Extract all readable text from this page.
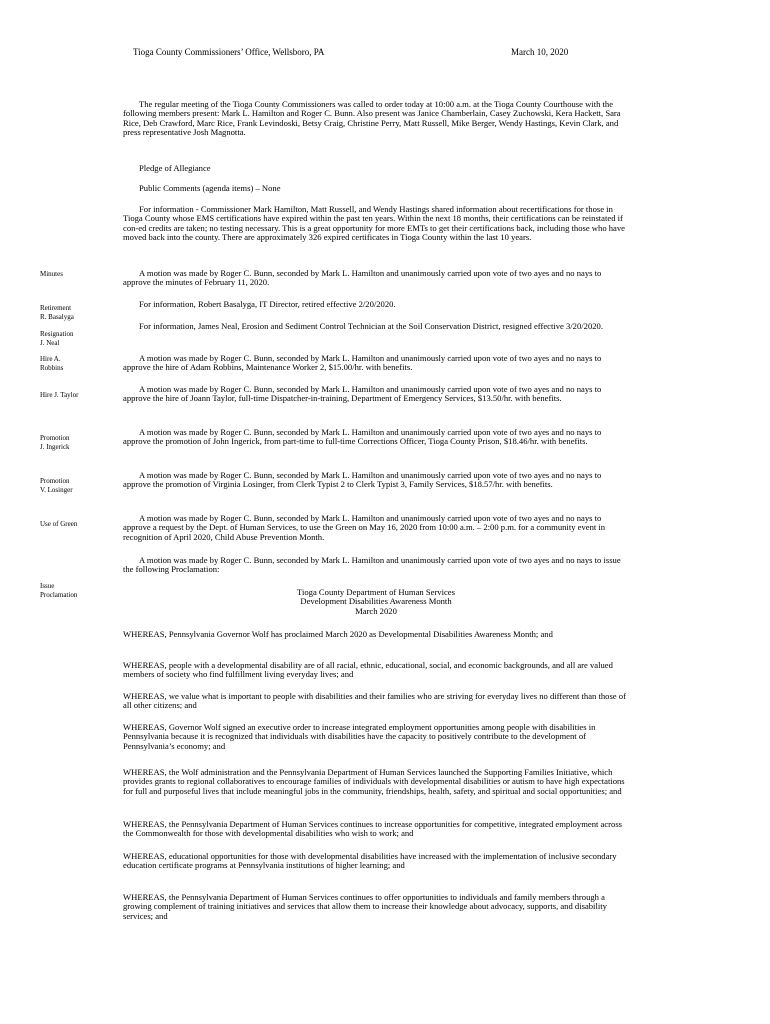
Tioga County Commissioners’ Office, Wellsboro, PA	March 10, 2020

The regular meeting of the Tioga County Commissioners was called to order today at 10:00 a.m. at the Tioga County Courthouse with the following members present: Mark L. Hamilton and Roger C. Bunn. Also present was Janice Chamberlain, Casey Zuchowski, Kera Hackett, Sara Rice, Deb Crawford, Marc Rice, Frank Levindoski, Betsy Craig, Christine Perry, Matt Russell, Mike Berger, Wendy Hastings, Kevin Clark, and press representative Josh Magnotta.

Pledge of Allegiance

Public Comments (agenda items) – None

For information - Commissioner Mark Hamilton, Matt Russell, and Wendy Hastings shared information about recertifications for those in Tioga County whose EMS certifications have expired within the past ten years. Within the next 18 months, their certifications can be reinstated if con-ed credits are taken; no testing necessary. This is a great opportunity for more EMTs to get their certifications back, including those who have moved back into the county. There are approximately 326 expired certificates in Tioga County within the last 10 years.

Minutes	A motion was made by Roger C. Bunn, seconded by Mark L. Hamilton and unanimously carried upon vote of two ayes and no nays to approve the minutes of February 11, 2020.

Retirement
R. Basalyga

For information, Robert Basalyga, IT Director, retired effective 2/20/2020.

Resignation
J. Neal

For information, James Neal, Erosion and Sediment Control Technician at the Soil Conservation District, resigned effective 3/20/2020.

Hire A.
Robbins

A motion was made by Roger C. Bunn, seconded by Mark L. Hamilton and unanimously carried upon vote of two ayes and no nays to approve the hire of Adam Robbins, Maintenance Worker 2, $15.00/hr. with benefits.

Hire J. Taylor

A motion was made by Roger C. Bunn, seconded by Mark L. Hamilton and unanimously carried upon vote of two ayes and no nays to approve the hire of Joann Taylor, full-time Dispatcher-in-training, Department of Emergency Services, $13.50/hr. with benefits.

Promotion
J. Ingerick

A motion was made by Roger C. Bunn, seconded by Mark L. Hamilton and unanimously carried upon vote of two ayes and no nays to approve the promotion of John Ingerick, from part-time to full-time Corrections Officer, Tioga County Prison, $18.46/hr. with benefits.

Promotion
V. Losinger

A motion was made by Roger C. Bunn, seconded by Mark L. Hamilton and unanimously carried upon vote of two ayes and no nays to approve the promotion of Virginia Losinger, from Clerk Typist 2 to Clerk Typist 3, Family Services, $18.57/hr. with benefits.

Use of Green

A motion was made by Roger C. Bunn, seconded by Mark L. Hamilton and unanimously carried upon vote of two ayes and no nays to approve a request by the Dept. of Human Services, to use the Green on May 16, 2020 from 10:00 a.m. – 2:00 p.m. for a community event in recognition of April 2020, Child Abuse Prevention Month.

A motion was made by Roger C. Bunn, seconded by Mark L. Hamilton and unanimously carried upon vote of two ayes and no nays to issue the following Proclamation:

Issue
Proclamation	Tioga County Department of Human Services
Development Disabilities Awareness Month
March 2020

WHEREAS, Pennsylvania Governor Wolf has proclaimed March 2020 as Developmental Disabilities Awareness Month; and

WHEREAS, people with a developmental disability are of all racial, ethnic, educational, social, and economic backgrounds, and all are valued members of society who find fulfillment living everyday lives; and

WHEREAS, we value what is important to people with disabilities and their families who are striving for everyday lives no different than those of all other citizens; and

WHEREAS, Governor Wolf signed an executive order to increase integrated employment opportunities among people with disabilities in Pennsylvania because it is recognized that individuals with disabilities have the capacity to positively contribute to the development of Pennsylvania’s economy; and

WHEREAS, the Wolf administration and the Pennsylvania Department of Human Services launched the Supporting Families Initiative, which provides grants to regional collaboratives to encourage families of individuals with developmental disabilities or autism to have high expectations for full and purposeful lives that include meaningful jobs in the community, friendships, health, safety, and spiritual and social opportunities; and

WHEREAS, the Pennsylvania Department of Human Services continues to increase opportunities for competitive, integrated employment across the Commonwealth for those with developmental disabilities who wish to work; and

WHEREAS, educational opportunities for those with developmental disabilities have increased with the implementation of inclusive secondary education certificate programs at Pennsylvania institutions of higher learning; and

WHEREAS, the Pennsylvania Department of Human Services continues to offer opportunities to individuals and family members through a growing complement of training initiatives and services that allow them to increase their knowledge about advocacy, supports, and disability services; and
